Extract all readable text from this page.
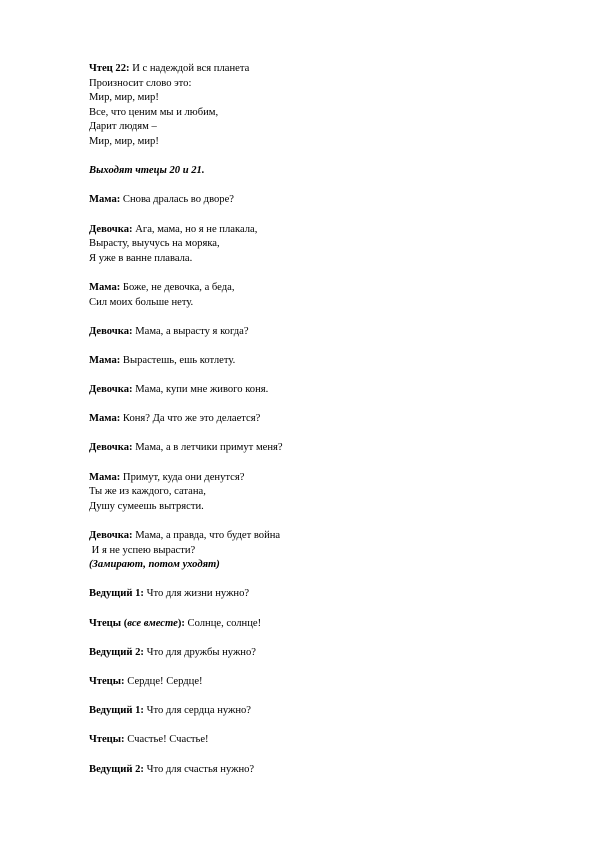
Чтец 22: И с надеждой вся планета
Произносит слово это:
Мир, мир, мир!
Все, что ценим мы и любим,
Дарит людям –
Мир, мир, мир!
Выходят чтецы 20 и 21.
Мама: Снова дралась во дворе?
Девочка: Ага, мама, но я не плакала,
Вырасту, выучусь на моряка,
Я уже в ванне плавала.
Мама: Боже, не девочка, а беда,
Сил моих больше нету.
Девочка: Мама, а вырасту я когда?
Мама: Вырастешь, ешь котлету.
Девочка: Мама, купи мне живого коня.
Мама: Коня? Да что же это делается?
Девочка: Мама, а в летчики примут меня?
Мама: Примут, куда они денутся?
Ты же из каждого, сатана,
Душу сумеешь вытрясти.
Девочка: Мама, а правда, что будет война
И я не успею вырасти?
(Замирают, потом уходят)
Ведущий 1: Что для жизни нужно?
Чтецы (все вместе): Солнце, солнце!
Ведущий 2: Что для дружбы нужно?
Чтецы: Сердце! Сердце!
Ведущий 1: Что для сердца нужно?
Чтецы: Счастье! Счастье!
Ведущий 2: Что для счастья нужно?
